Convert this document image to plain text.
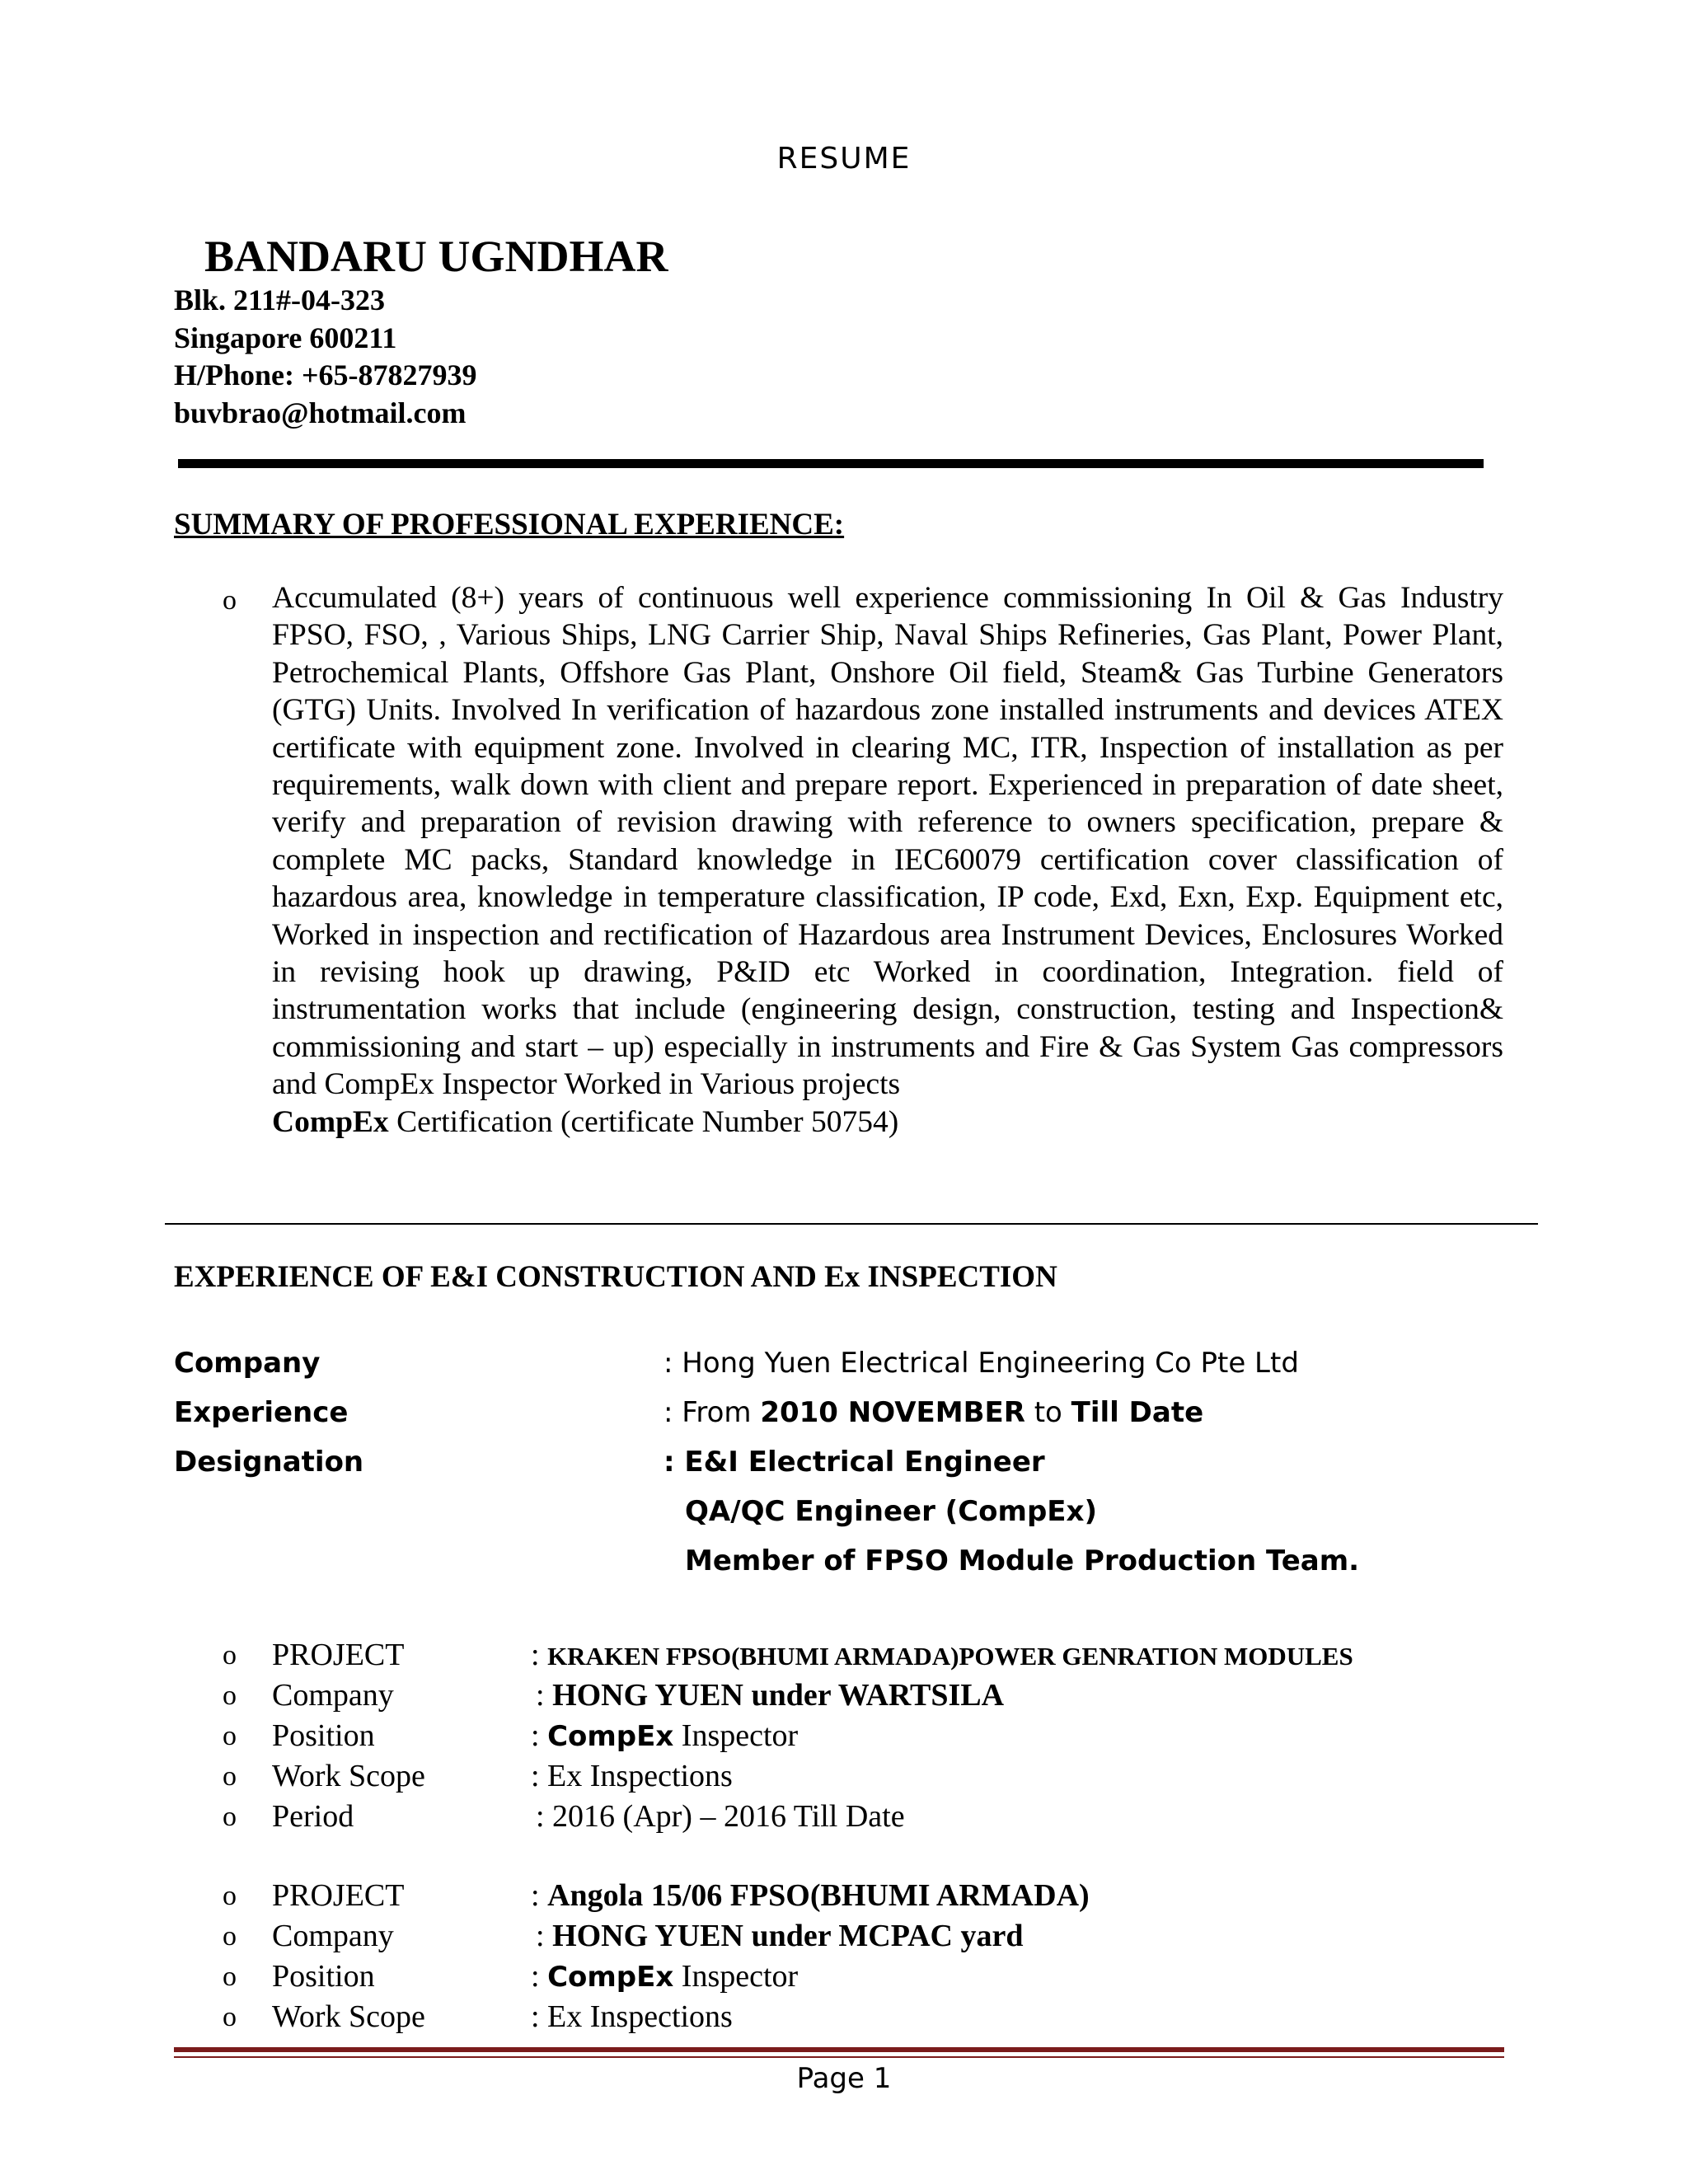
RESUME
BANDARU UGNDHAR
Blk. 211#-04-323
Singapore 600211
H/Phone: +65-87827939
buvbrao@hotmail.com
SUMMARY OF PROFESSIONAL EXPERIENCE:
o Accumulated (8+) years of continuous well experience commissioning In Oil & Gas Industry FPSO, FSO, , Various Ships, LNG Carrier Ship, Naval Ships Refineries, Gas Plant, Power Plant, Petrochemical Plants, Offshore Gas Plant, Onshore Oil field, Steam& Gas Turbine Generators (GTG) Units. Involved In verification of hazardous zone installed instruments and devices ATEX certificate with equipment zone. Involved in clearing MC, ITR, Inspection of installation as per requirements, walk down with client and prepare report. Experienced in preparation of date sheet, verify and preparation of revision drawing with reference to owners specification, prepare & complete MC packs, Standard knowledge in IEC60079 certification cover classification of hazardous area, knowledge in temperature classification, IP code, Exd, Exn, Exp. Equipment etc, Worked in inspection and rectification of Hazardous area Instrument Devices, Enclosures Worked in revising hook up drawing, P&ID etc Worked in coordination, Integration. field of instrumentation works that include (engineering design, construction, testing and Inspection& commissioning and start – up) especially in instruments and Fire & Gas System Gas compressors and CompEx Inspector Worked in Various projects

CompEx Certification (certificate Number 50754)

EXPERIENCE OF E&I CONSTRUCTION AND Ex INSPECTION
Company	: Hong Yuen Electrical Engineering Co Pte Ltd
Experience	: From 2010 NOVEMBER to Till Date
Designation	: E&I Electrical Engineer
QA/QC Engineer (CompEx)
Member of FPSO Module Production Team.
o PROJECT	: KRAKEN FPSO(BHUMI ARMADA)POWER GENRATION MODULES
o Company	: HONG YUEN under WARTSILA
o Position	: CompEx Inspector
o Work Scope	: Ex Inspections
o Period	: 2016 (Apr) – 2016 Till Date
o PROJECT	: Angola 15/06 FPSO(BHUMI ARMADA)
o Company	: HONG YUEN under MCPAC yard
o Position	: CompEx Inspector
o Work Scope	: Ex Inspections
Page 1
